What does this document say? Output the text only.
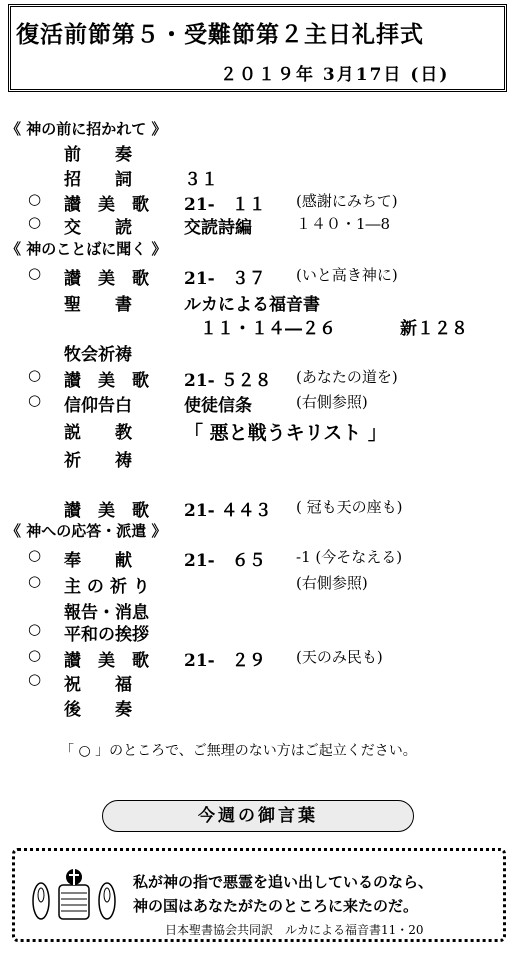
復活前節第５・受難節第２主日礼拝式
２０１９年 3月17日 (日)
《 神の前に招かれて 》
前　　奏
招　　詞	３１
○ 讃　美　歌 21-　１１ (感謝にみちて)
○ 交　　読	交読詩編	１４０・1―8
《 神のことばに聞く 》
○ 讃　美　歌 21-　３７ (いと高き神に)
聖　　書	ルカによる福音書
１１・１４―２６	新１２８
牧会祈祷
○ 讃　美　歌 21- ５２８ (あなたの道を)
○ 信仰告白	使徒信条	(右側参照)
説　　教	「 悪と戦うキリスト 」
祈　　祷
讃　美　歌 21- ４４３ ( 冠も天の座も)
《 神への応答・派遣 》
○ 奉　　献	21-　６５ -1 (今そなえる)
○ 主 の 祈 り	(右側参照)
報告・消息
○ 平和の挨拶
○ 讃　美　歌 21-　２９ (天のみ民も)
○ 祝　　福
後　　奏
「 ○ 」のところで、ご無理のない方はご起立ください。
今週の御言葉
私が神の指で悪霊を追い出しているのなら、
神の国はあなたがたのところに来たのだ。
日本聖書協会共同訳　ルカによる福音書11・20
